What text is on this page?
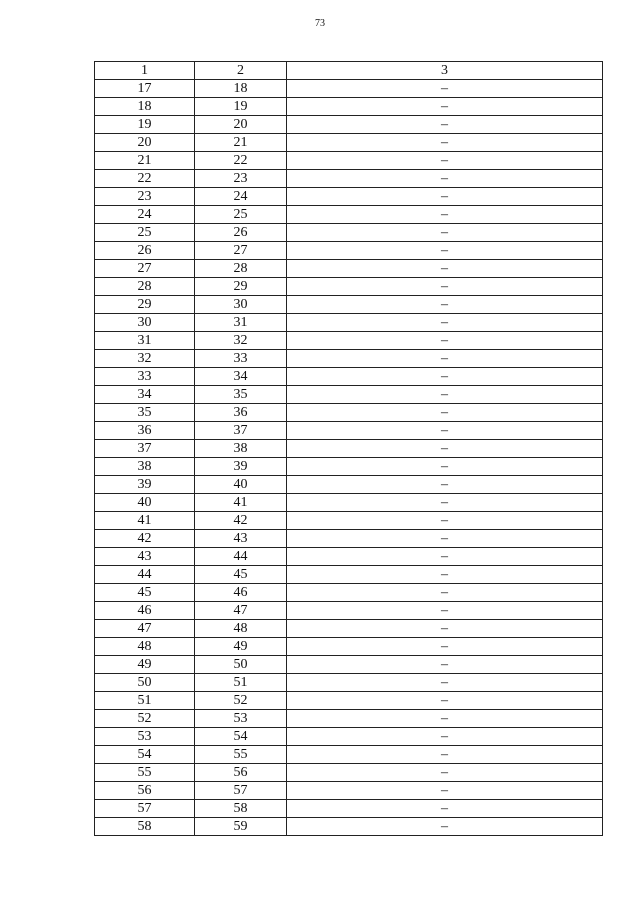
73
1	2	3
17	18	–
18	19	–
19	20	–
20	21	–
21	22	–
22	23	–
23	24	–
24	25	–
25	26	–
26	27	–
27	28	–
28	29	–
29	30	–
30	31	–
31	32	–
32	33	–
33	34	–
34	35	–
35	36	–
36	37	–
37	38	–
38	39	–
39	40	–
40	41	–
41	42	–
42	43	–
43	44	–
44	45	–
45	46	–
46	47	–
47	48	–
48	49	–
49	50	–
50	51	–
51	52	–
52	53	–
53	54	–
54	55	–
55	56	–
56	57	–
57	58	–
58	59	–
